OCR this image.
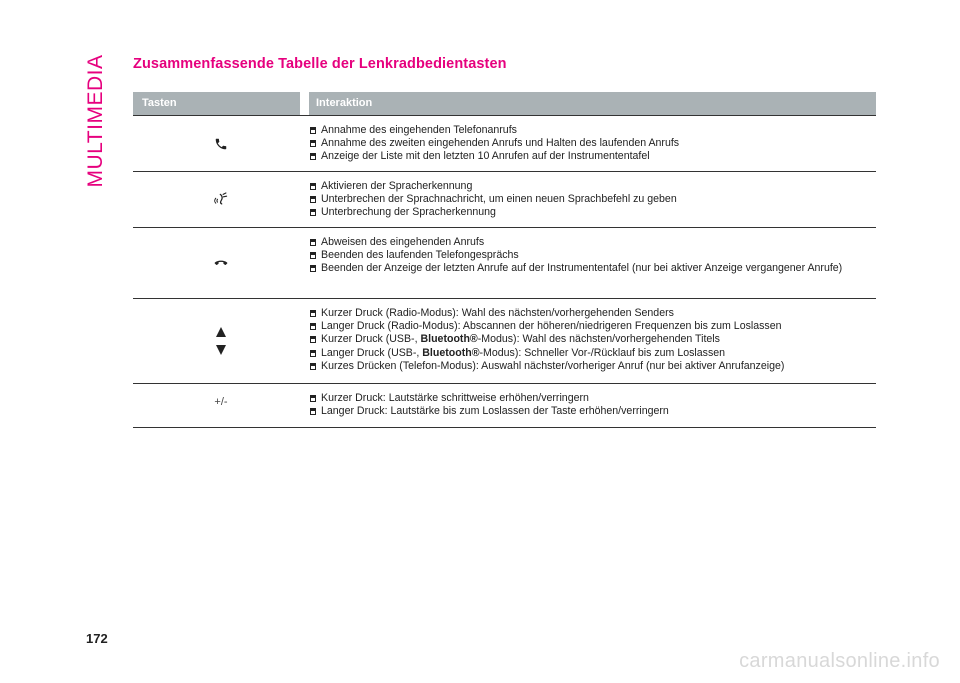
MULTIMEDIA Zusammenfassende Tabelle der Lenkradbedientasten
Tasten	Interaktion
Annahme des eingehenden Telefonanrufs
Annahme des zweiten eingehenden Anrufs und Halten des laufenden Anrufs
Anzeige der Liste mit den letzten 10 Anrufen auf der Instrumententafel
Aktivieren der Spracherkennung
Unterbrechen der Sprachnachricht, um einen neuen Sprachbefehl zu geben
Unterbrechung der Spracherkennung
Abweisen des eingehenden Anrufs
Beenden des laufenden Telefongesprächs
Beenden der Anzeige der letzten Anrufe auf der Instrumententafel (nur bei aktiver Anzeige vergangener Anrufe)
Kurzer Druck (Radio-Modus): Wahl des nächsten/vorhergehenden Senders
Langer Druck (Radio-Modus): Abscannen der höheren/niedrigeren Frequenzen bis zum Loslassen
Kurzer Druck (USB-, Bluetooth®-Modus): Wahl des nächsten/vorhergehenden Titels
Langer Druck (USB-, Bluetooth®-Modus): Schneller Vor-/Rücklauf bis zum Loslassen
Kurzes Drücken (Telefon-Modus): Auswahl nächster/vorheriger Anruf (nur bei aktiver Anrufanzeige)
+/-	Kurzer Druck: Lautstärke schrittweise erhöhen/verringern
Langer Druck: Lautstärke bis zum Loslassen der Taste erhöhen/verringern
172
carmanualsonline.info
